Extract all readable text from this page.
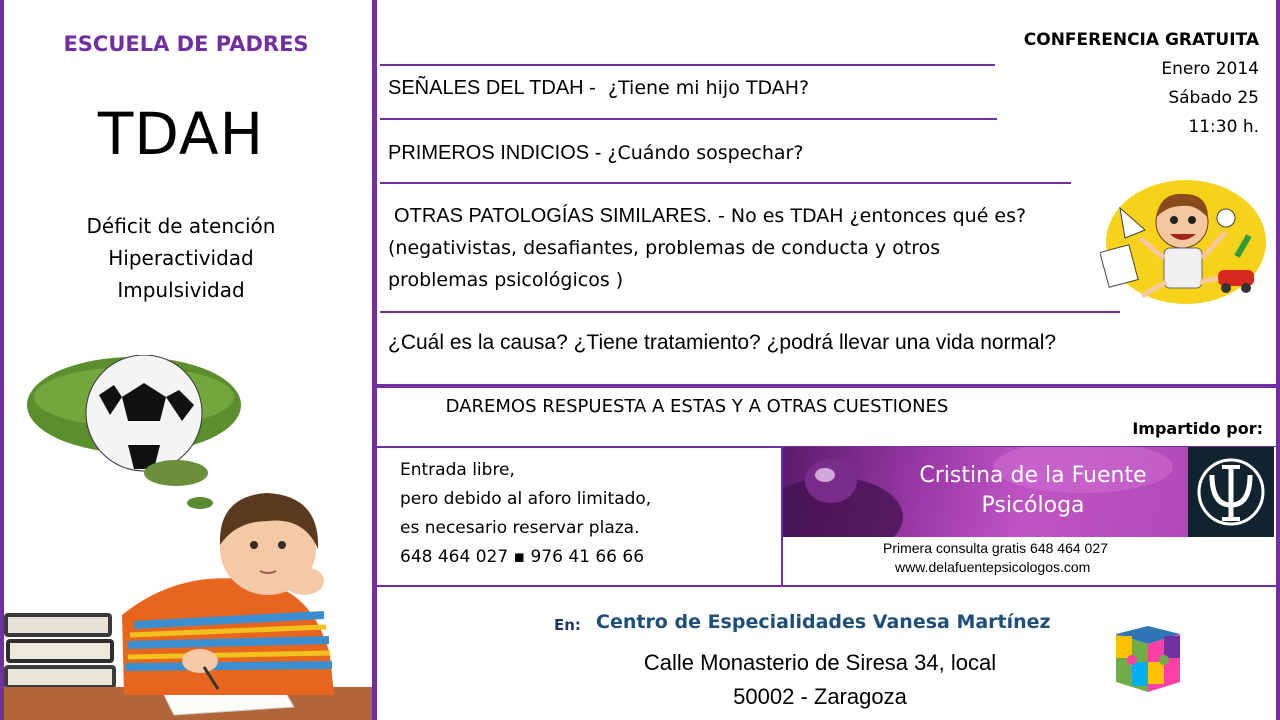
ESCUELA DE PADRES
TDAH
Déficit de atención
Hiperactividad
Impulsividad
SEÑALES DEL TDAH - ¿Tiene mi hijo TDAH?
PRIMEROS INDICIOS - ¿Cuándo sospechar?
OTRAS PATOLOGÍAS SIMILARES. - No es TDAH ¿entonces qué es?
(negativistas, desafiantes, problemas de conducta y otros
problemas psicológicos )
¿Cuál es la causa? ¿Tiene tratamiento? ¿podrá llevar una vida normal?
CONFERENCIA GRATUITA
Enero 2014
Sábado 25
11:30 h.
DAREMOS RESPUESTA A ESTAS Y A OTRAS CUESTIONES
Impartido por:
Entrada libre,
pero debido al aforo limitado,
es necesario reservar plaza.
648 464 027 ▪ 976 41 66 66
Cristina de la Fuente
Psicóloga
Primera consulta gratis 648 464 027
www.delafuentepsicologos.com
En: Centro de Especialidades Vanesa Martínez
Calle Monasterio de Siresa 34, local
50002 - Zaragoza
